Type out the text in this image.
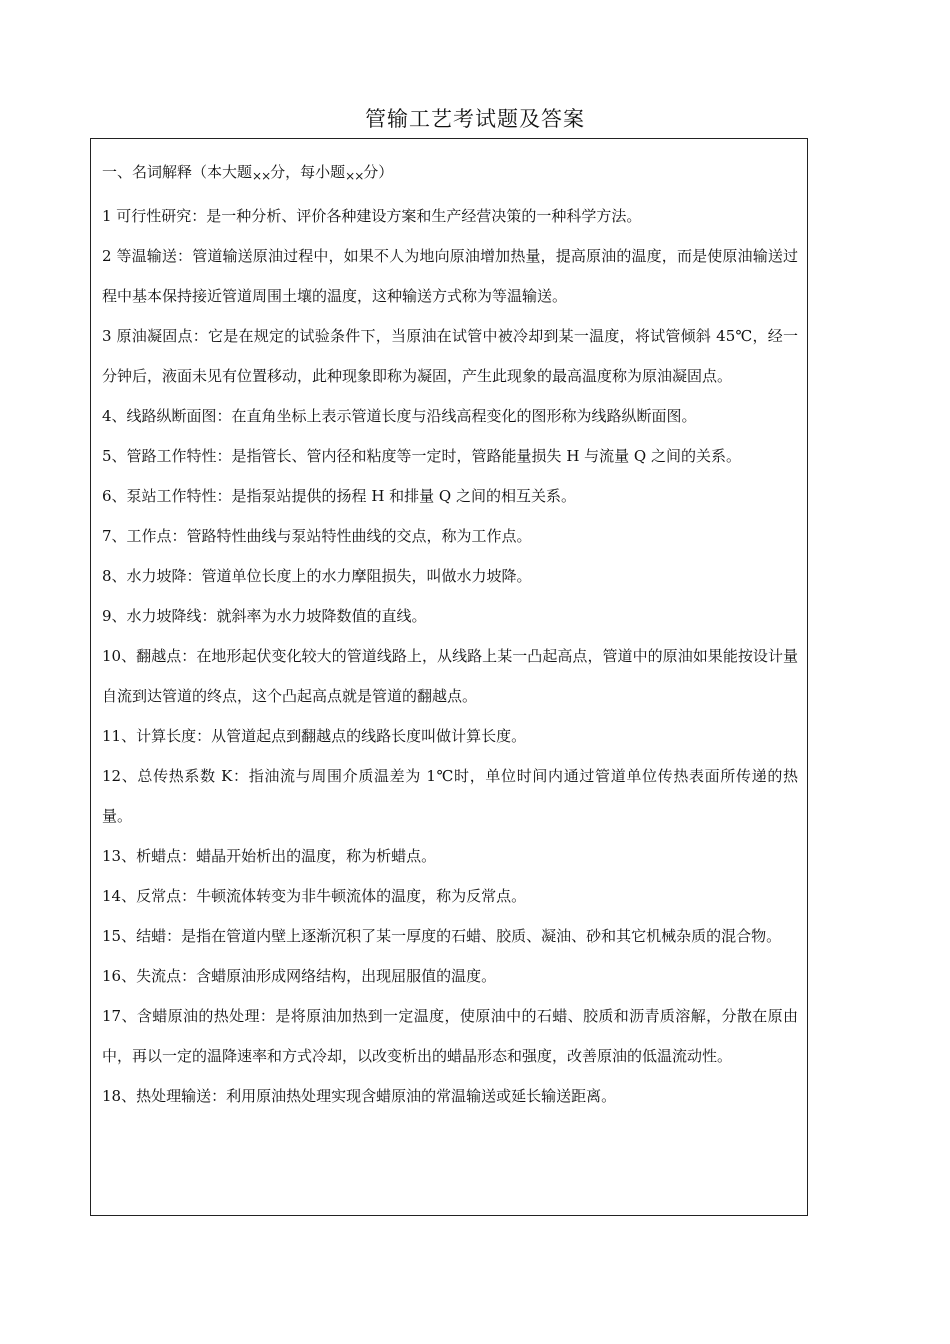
管输工艺考试题及答案

一、名词解释（本大题$_{\times\times}$分，每小题$_{\times\times}$分）

1 可行性研究：是一种分析、评价各种建设方案和生产经营决策的一种科学方法。

2 等温输送：管道输送原油过程中，如果不人为地向原油增加热量，提高原油的温度，而是使原油输送过程中基本保持接近管道周围土壤的温度，这种输送方式称为等温输送。

3 原油凝固点：它是在规定的试验条件下，当原油在试管中被冷却到某一温度，将试管倾斜 45℃，经一分钟后，液面未见有位置移动，此种现象即称为凝固，产生此现象的最高温度称为原油凝固点。

4、线路纵断面图：在直角坐标上表示管道长度与沿线高程变化的图形称为线路纵断面图。

5、管路工作特性：是指管长、管内径和粘度等一定时，管路能量损失 H 与流量 Q 之间的关系。

6、泵站工作特性：是指泵站提供的扬程 H 和排量 Q 之间的相互关系。

7、工作点：管路特性曲线与泵站特性曲线的交点，称为工作点。

8、水力坡降：管道单位长度上的水力摩阻损失，叫做水力坡降。

9、水力坡降线：就斜率为水力坡降数值的直线。

10、翻越点：在地形起伏变化较大的管道线路上，从线路上某一凸起高点，管道中的原油如果能按设计量自流到达管道的终点，这个凸起高点就是管道的翻越点。

11、计算长度：从管道起点到翻越点的线路长度叫做计算长度。

12、总传热系数 K：指油流与周围介质温差为 1℃时，单位时间内通过管道单位传热表面所传递的热量。

13、析蜡点：蜡晶开始析出的温度，称为析蜡点。

14、反常点：牛顿流体转变为非牛顿流体的温度，称为反常点。

15、结蜡：是指在管道内壁上逐渐沉积了某一厚度的石蜡、胶质、凝油、砂和其它机械杂质的混合物。

16、失流点：含蜡原油形成网络结构，出现屈服值的温度。

17、含蜡原油的热处理：是将原油加热到一定温度，使原油中的石蜡、胶质和沥青质溶解，分散在原由中，再以一定的温降速率和方式冷却，以改变析出的蜡晶形态和强度，改善原油的低温流动性。

18、热处理输送：利用原油热处理实现含蜡原油的常温输送或延长输送距离。
